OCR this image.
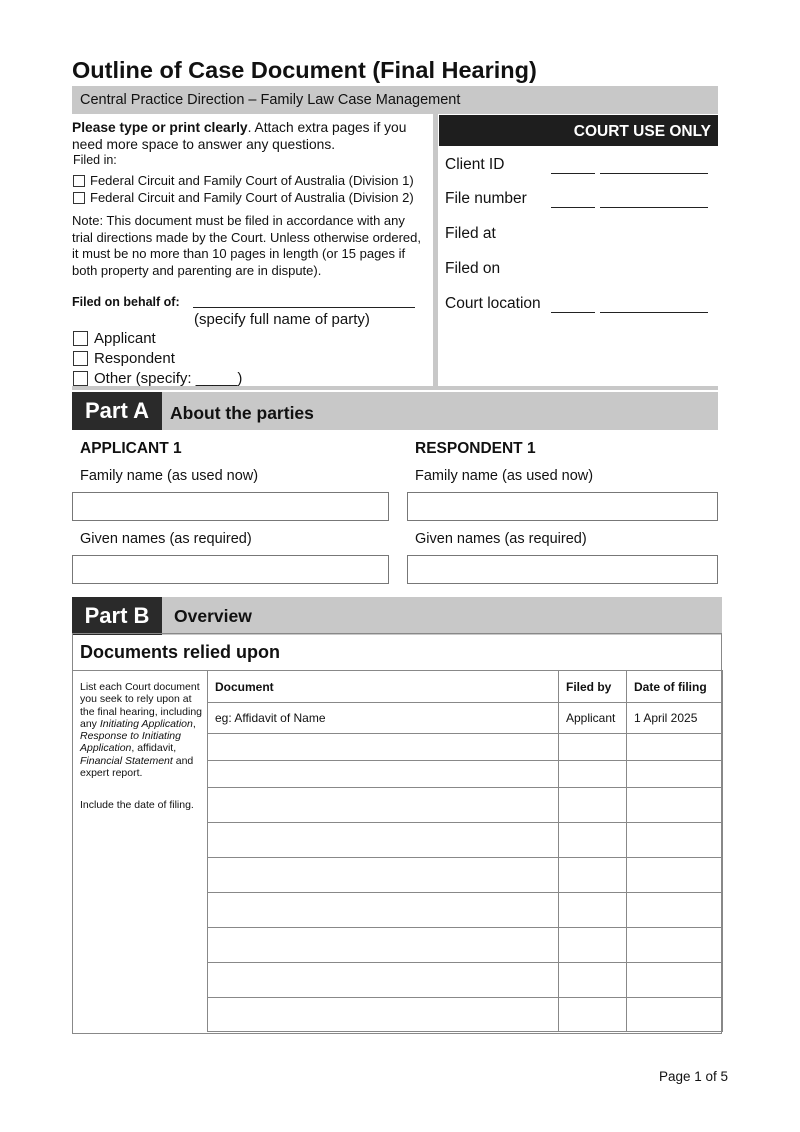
Outline of Case Document (Final Hearing)
Central Practice Direction – Family Law Case Management
Please type or print clearly. Attach extra pages if you need more space to answer any questions.
Filed in:
Federal Circuit and Family Court of Australia (Division 1)
Federal Circuit and Family Court of Australia (Division 2)
Note: This document must be filed in accordance with any trial directions made by the Court. Unless otherwise ordered, it must be no more than 10 pages in length (or 15 pages if both property and parenting are in dispute).
Filed on behalf of:
(specify full name of party)
Applicant
Respondent
Other (specify: _____)
COURT USE ONLY
Client ID
File number
Filed at
Filed on
Court location
Part A	About the parties
APPLICANT 1	RESPONDENT 1
Family name (as used now)	Family name (as used now)
Given names (as required)	Given names (as required)
Part B	Overview
Documents relied upon
List each Court document you seek to rely upon at the final hearing, including any Initiating Application, Response to Initiating Application, affidavit, Financial Statement and expert report.
Include the date of filing.
Document	Filed by	Date of filing
eg: Affidavit of Name	Applicant	1 April 2025

Page 1 of 5
